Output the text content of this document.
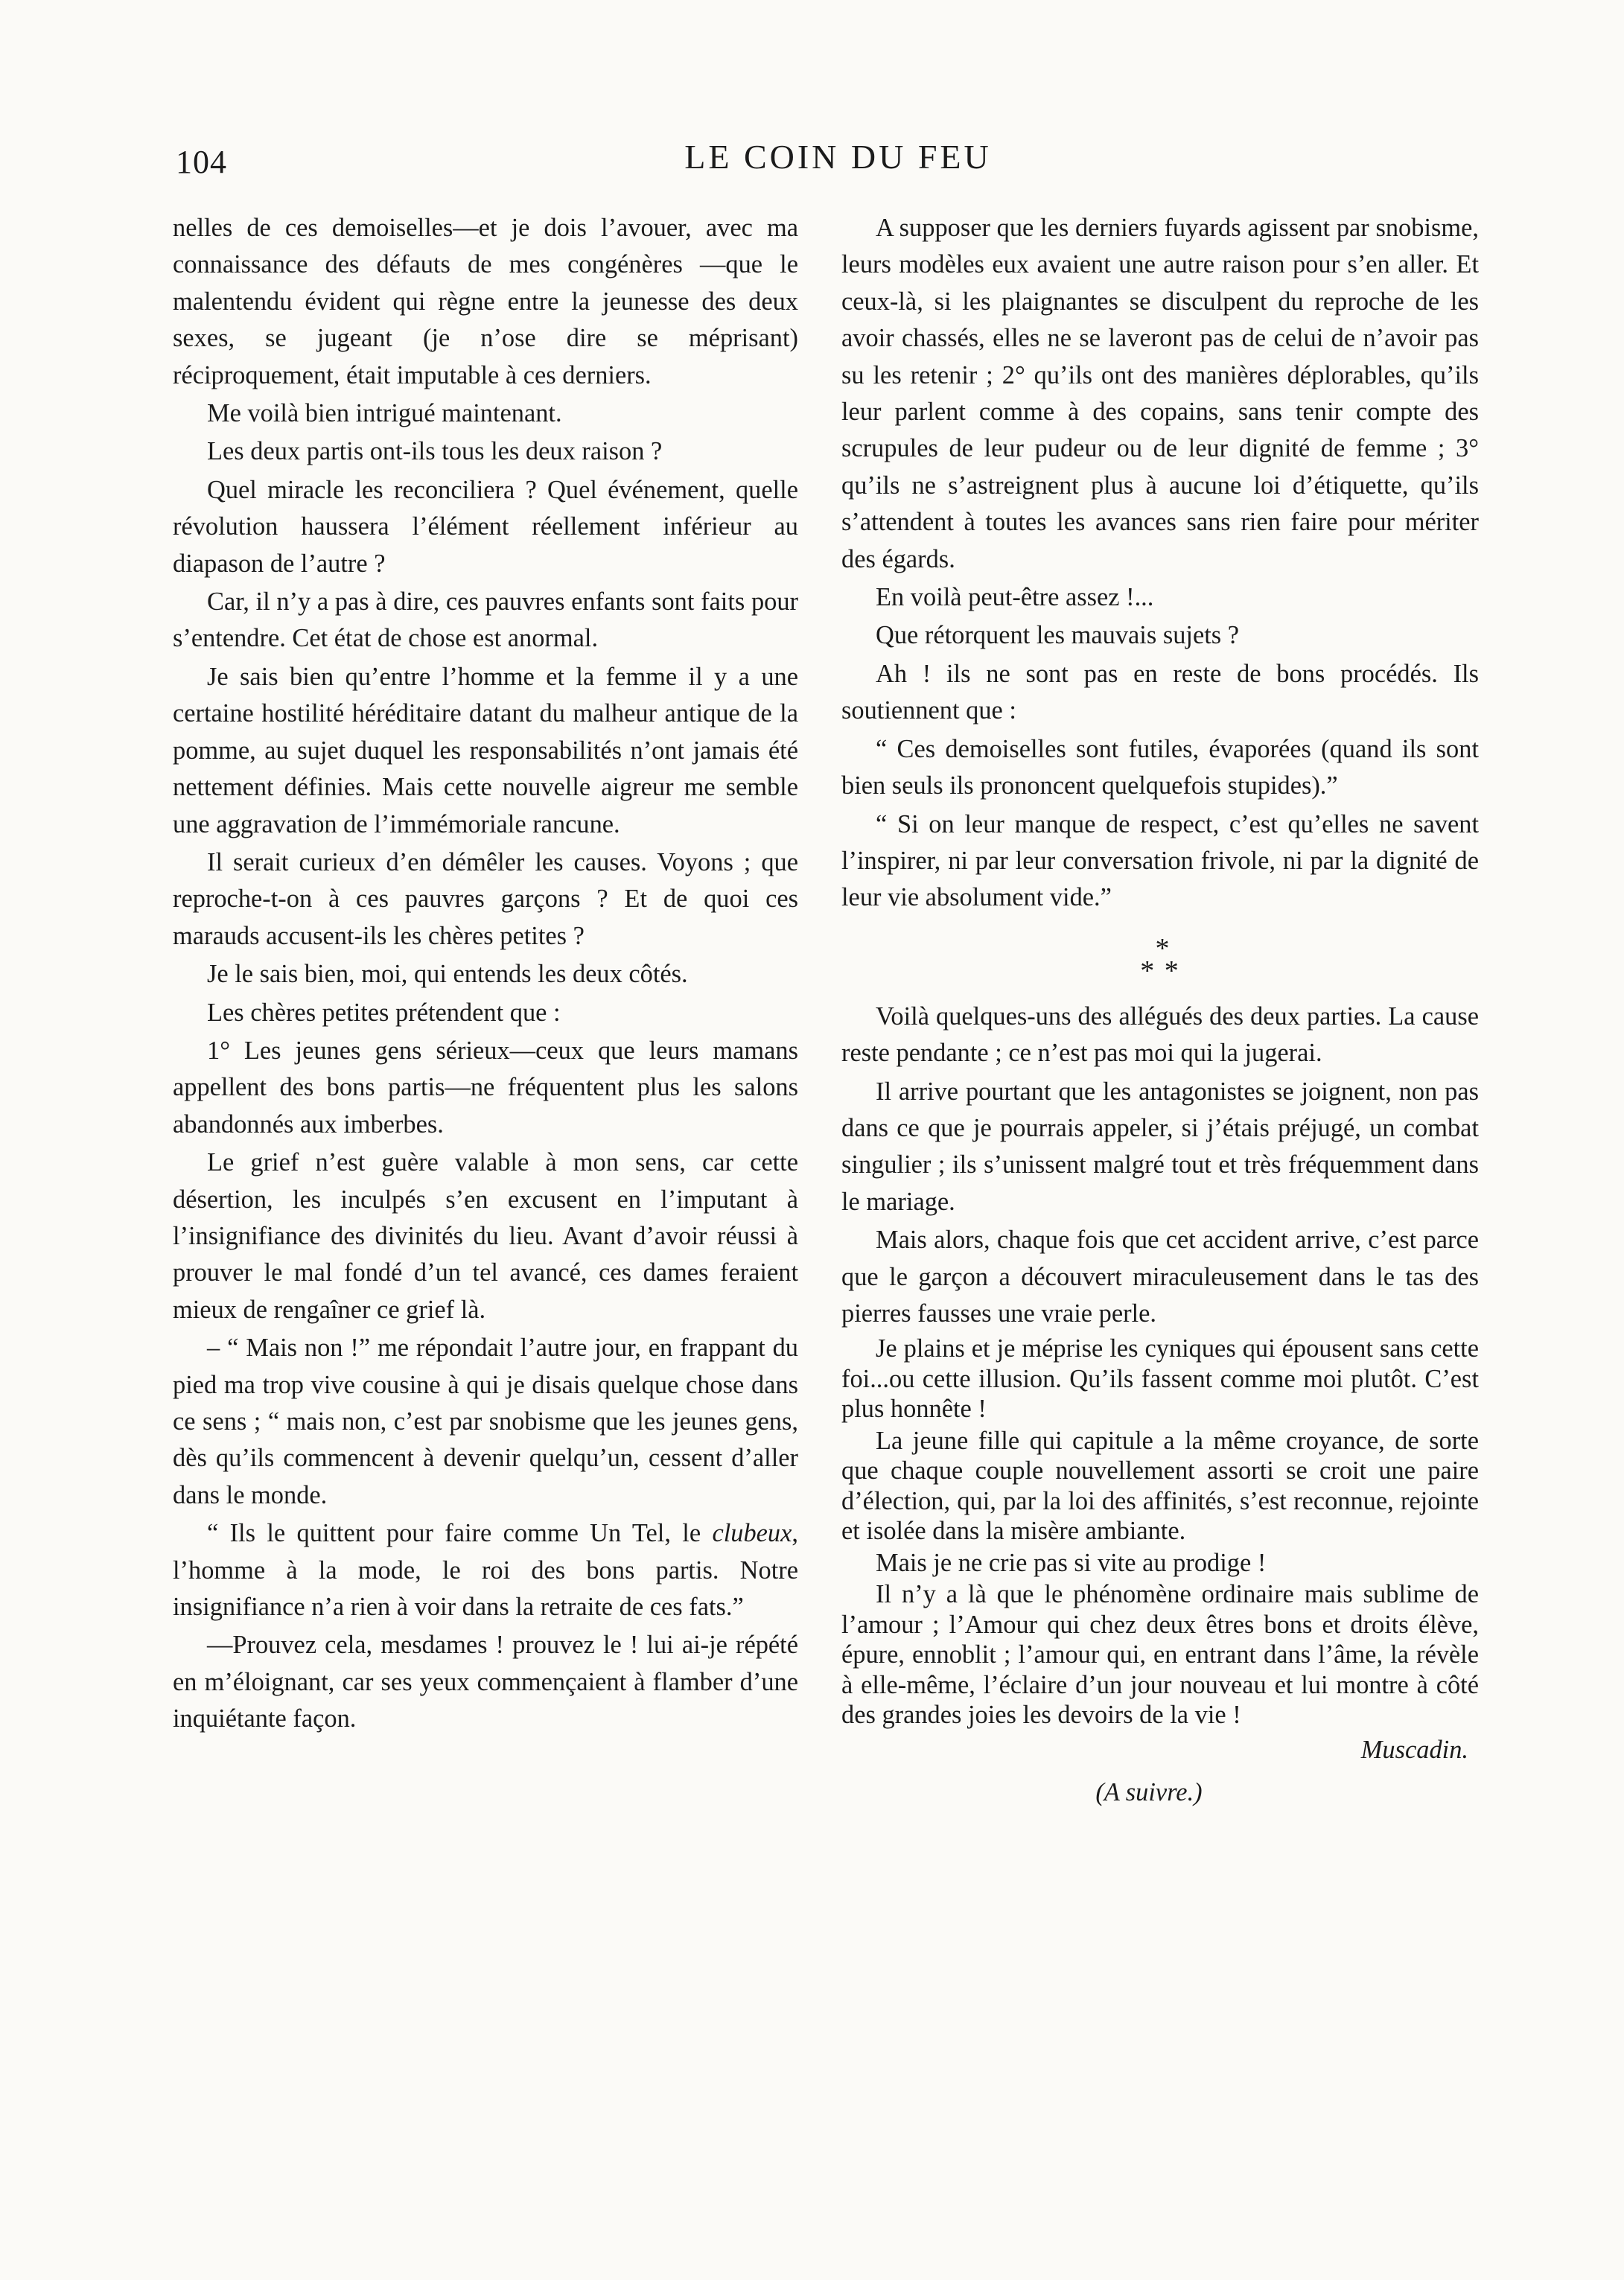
104	LE COIN DU FEU

nelles de ces demoiselles—et je dois l’avouer, avec ma connaissance des défauts de mes congénères —que le malentendu évident qui règne entre la jeunesse des deux sexes, se jugeant (je n’ose dire se méprisant) réciproquement, était imputable à ces derniers.

Me voilà bien intrigué maintenant.

Les deux partis ont-ils tous les deux raison ?

Quel miracle les reconciliera ? Quel événement, quelle révolution haussera l’élément réellement inférieur au diapason de l’autre ?

Car, il n’y a pas à dire, ces pauvres enfants sont faits pour s’entendre. Cet état de chose est anormal.

Je sais bien qu’entre l’homme et la femme il y a une certaine hostilité héréditaire datant du malheur antique de la pomme, au sujet duquel les responsabilités n’ont jamais été nettement définies. Mais cette nouvelle aigreur me semble une aggravation de l’immémoriale rancune.

Il serait curieux d’en démêler les causes. Voyons ; que reproche-t-on à ces pauvres garçons ? Et de quoi ces marauds accusent-ils les chères petites ?

Je le sais bien, moi, qui entends les deux côtés.

Les chères petites prétendent que :

1° Les jeunes gens sérieux—ceux que leurs mamans appellent des bons partis—ne fréquentent plus les salons abandonnés aux imberbes.

Le grief n’est guère valable à mon sens, car cette désertion, les inculpés s’en excusent en l’imputant à l’insignifiance des divinités du lieu. Avant d’avoir réussi à prouver le mal fondé d’un tel avancé, ces dames feraient mieux de rengaîner ce grief là.

– “ Mais non !” me répondait l’autre jour, en frappant du pied ma trop vive cousine à qui je disais quelque chose dans ce sens ; “ mais non, c’est par snobisme que les jeunes gens, dès qu’ils commencent à devenir quelqu’un, cessent d’aller dans le monde.

“ Ils le quittent pour faire comme Un Tel, le clubeux, l’homme à la mode, le roi des bons partis. Notre insignifiance n’a rien à voir dans la retraite de ces fats.”

—Prouvez cela, mesdames ! prouvez le ! lui ai-je répété en m’éloignant, car ses yeux commençaient à flamber d’une inquiétante façon.

A supposer que les derniers fuyards agissent par snobisme, leurs modèles eux avaient une autre raison pour s’en aller. Et ceux-là, si les plaignantes se disculpent du reproche de les avoir chassés, elles ne se laveront pas de celui de n’avoir pas su les retenir ; 2° qu’ils ont des manières déplorables, qu’ils leur parlent comme à des copains, sans tenir compte des scrupules de leur pudeur ou de leur dignité de femme ; 3° qu’ils ne s’astreignent plus à aucune loi d’étiquette, qu’ils s’attendent à toutes les avances sans rien faire pour mériter des égards.

En voilà peut-être assez !...

Que rétorquent les mauvais sujets ?

Ah ! ils ne sont pas en reste de bons procédés. Ils soutiennent que :

“ Ces demoiselles sont futiles, évaporées (quand ils sont bien seuls ils prononcent quelquefois stupides).”

“ Si on leur manque de respect, c’est qu’elles ne savent l’inspirer, ni par leur conversation frivole, ni par la dignité de leur vie absolument vide.”

*
* *

Voilà quelques-uns des allégués des deux parties. La cause reste pendante ; ce n’est pas moi qui la jugerai.

Il arrive pourtant que les antagonistes se joignent, non pas dans ce que je pourrais appeler, si j’étais préjugé, un combat singulier ; ils s’unissent malgré tout et très fréquemment dans le mariage.

Mais alors, chaque fois que cet accident arrive, c’est parce que le garçon a découvert miraculeusement dans le tas des pierres fausses une vraie perle.

Je plains et je méprise les cyniques qui épousent sans cette foi...ou cette illusion. Qu’ils fassent comme moi plutôt. C’est plus honnête !

La jeune fille qui capitule a la même croyance, de sorte que chaque couple nouvellement assorti se croit une paire d’élection, qui, par la loi des affinités, s’est reconnue, rejointe et isolée dans la misère ambiante.

Mais je ne crie pas si vite au prodige !

Il n’y a là que le phénomène ordinaire mais sublime de l’amour ; l’Amour qui chez deux êtres bons et droits élève, épure, ennoblit ; l’amour qui, en entrant dans l’âme, la révèle à elle-même, l’éclaire d’un jour nouveau et lui montre à côté des grandes joies les devoirs de la vie !

Muscadin.
(A suivre.)
